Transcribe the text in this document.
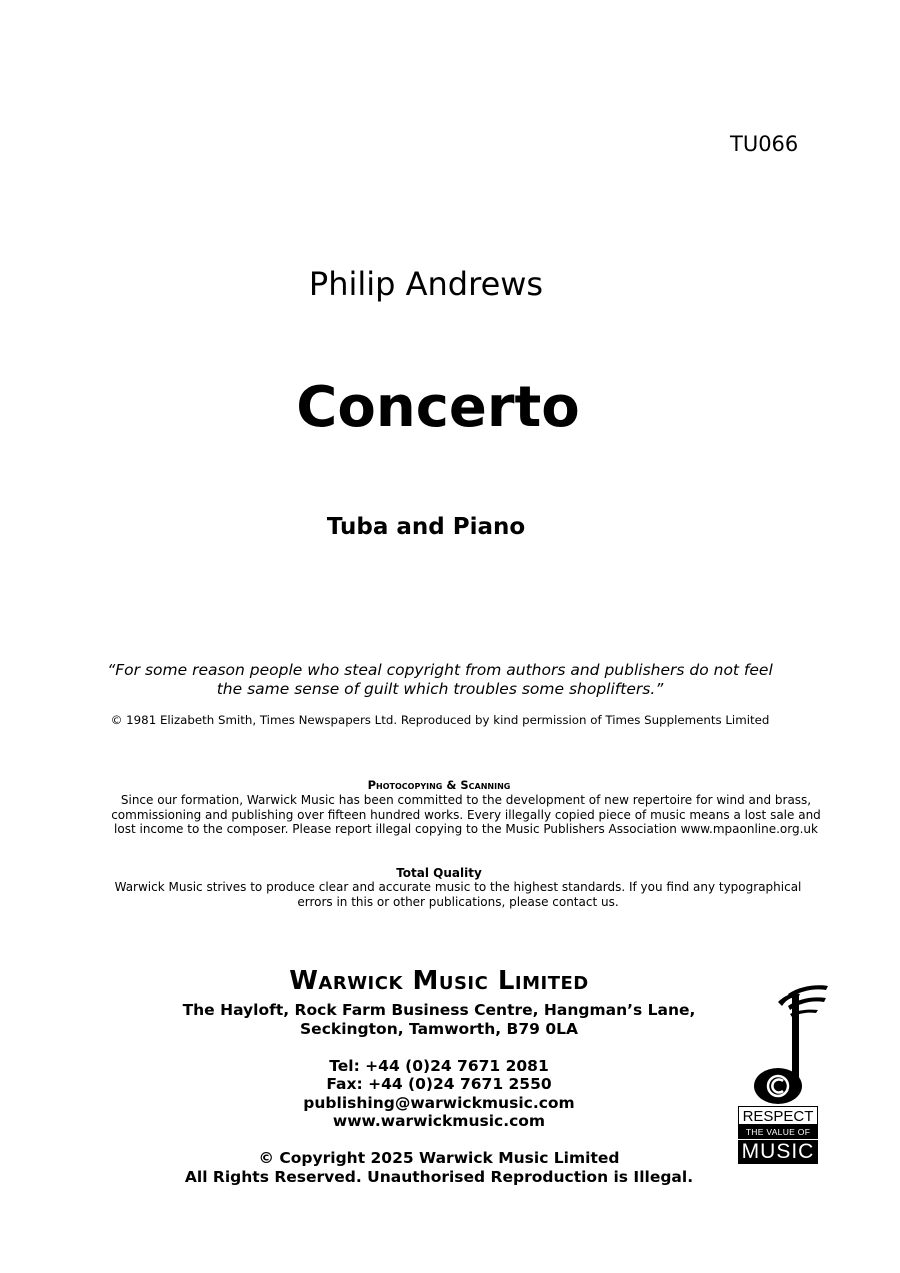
TU066
Philip Andrews
Concerto
Tuba and Piano
“For some reason people who steal copyright from authors and publishers do not feel
the same sense of guilt which troubles some shoplifters.”
© 1981 Elizabeth Smith, Times Newspapers Ltd. Reproduced by kind permission of Times Supplements Limited
Photocopying & Scanning
Since our formation, Warwick Music has been committed to the development of new repertoire for wind and brass,
commissioning and publishing over fifteen hundred works. Every illegally copied piece of music means a lost sale and
lost income to the composer. Please report illegal copying to the Music Publishers Association www.mpaonline.org.uk
Total Quality
Warwick Music strives to produce clear and accurate music to the highest standards. If you find any typographical
errors in this or other publications, please contact us.
Warwick Music Limited
The Hayloft, Rock Farm Business Centre, Hangman’s Lane,
Seckington, Tamworth, B79 0LA
Tel: +44 (0)24 7671 2081
Fax: +44 (0)24 7671 2550
publishing@warwickmusic.com
www.warwickmusic.com
© Copyright 2025 Warwick Music Limited
All Rights Reserved. Unauthorised Reproduction is Illegal.
RESPECT
THE VALUE OF
MUSIC
